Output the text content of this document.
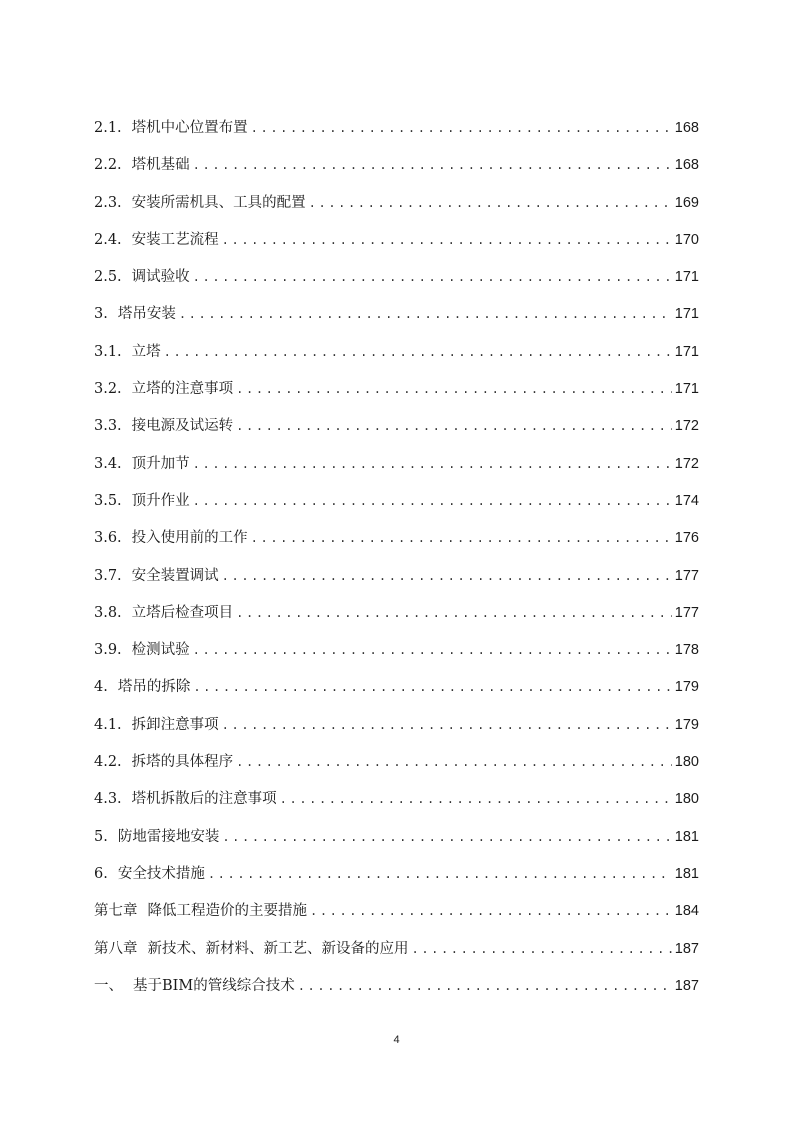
2.1. 塔机中心位置布置 .....	168
2.2. 塔机基础 .....	168
2.3. 安装所需机具、工具的配置 .....	169
2.4. 安装工艺流程 .....	170
2.5. 调试验收 .....	171
3. 塔吊安装 .....	171
3.1. 立塔 .....	171
3.2. 立塔的注意事项 .....	171
3.3. 接电源及试运转 .....	172
3.4. 顶升加节 .....	172
3.5. 顶升作业 .....	174
3.6. 投入使用前的工作 .....	176
3.7. 安全装置调试 .....	177
3.8. 立塔后检查项目 .....	177
3.9. 检测试验 .....	178
4. 塔吊的拆除 .....	179
4.1. 拆卸注意事项 .....	179
4.2. 拆塔的具体程序 .....	180
4.3. 塔机拆散后的注意事项 .....	180
5. 防地雷接地安装 .....	181
6. 安全技术措施 .....	181
第七章 降低工程造价的主要措施 .....	184
第八章 新技术、新材料、新工艺、新设备的应用 .....	187
一、 基于BIM的管线综合技术 .....	187
4
